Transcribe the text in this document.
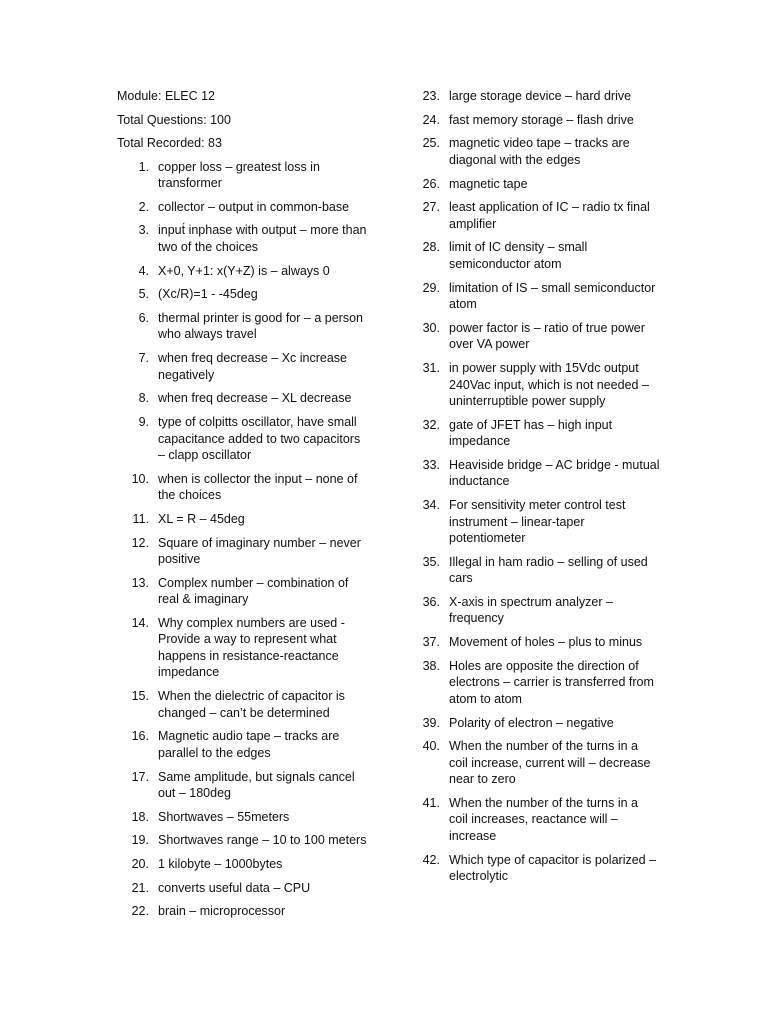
Module: ELEC 12
Total Questions: 100
Total Recorded: 83
1. copper loss – greatest loss in transformer
2. collector – output in common-base
3. input́ inphase with output – more than two of the choices
4. X+0, Y+1: x(Y+Z) is – always 0
5. (Xc/R)=1 - -45deg
6. thermal printer is good for – a person who always travel
7. when freq decrease – Xc increase negatively
8. when freq decrease – XL decrease
9. type of colpitts oscillator, have small capacitance added to two capacitors – clapp oscillator
10. when is collector the input – none of the choices
11. XL = R – 45deg
12. Square of imaginary number – never positive
13. Complex number – combination of real & imaginary
14. Why complex numbers are used - Provide a way to represent what happens in resistance-reactance impedance
15. When the dielectric of capacitor is changed – can’t be determined
16. Magnetic audio tape – tracks are parallel to the edges
17. Same amplitude, but signals cancel out – 180deg
18. Shortwaves – 55meters
19. Shortwaves range – 10 to 100 meters
20. 1 kilobyte – 1000bytes
21. converts useful data – CPU
22. brain – microprocessor
23. large storage device – hard drive
24. fast memory storage – flash drive
25. magnetic video tape – tracks are diagonal with the edges
26. magnetic tape
27. least application of IC – radio tx final amplifier
28. limit of IC density – small semiconductor atom
29. limitation of IS – small semiconductor atom
30. power factor is – ratio of true power over VA power
31. in power supply with 15Vdc output 240Vac input, which is not needed – uninterruptible power supply
32. gate of JFET has – high input impedance
33. Heaviside bridge – AC bridge - mutual inductance
34. For sensitivity meter control test instrument – linear-taper potentiometer
35. Illegal in ham radio – selling of used cars
36. X-axis in spectrum analyzer – frequency
37. Movement of holes – plus to minus
38. Holes are opposite the direction of electrons – carrier is transferred from atom to atom
39. Polarity of electron – negative
40. When the number of the turns in a coil increase, current will – decrease near to zero
41. When the number of the turns in a coil increases, reactance will – increase
42. Which type of capacitor is polarized – electrolytic
